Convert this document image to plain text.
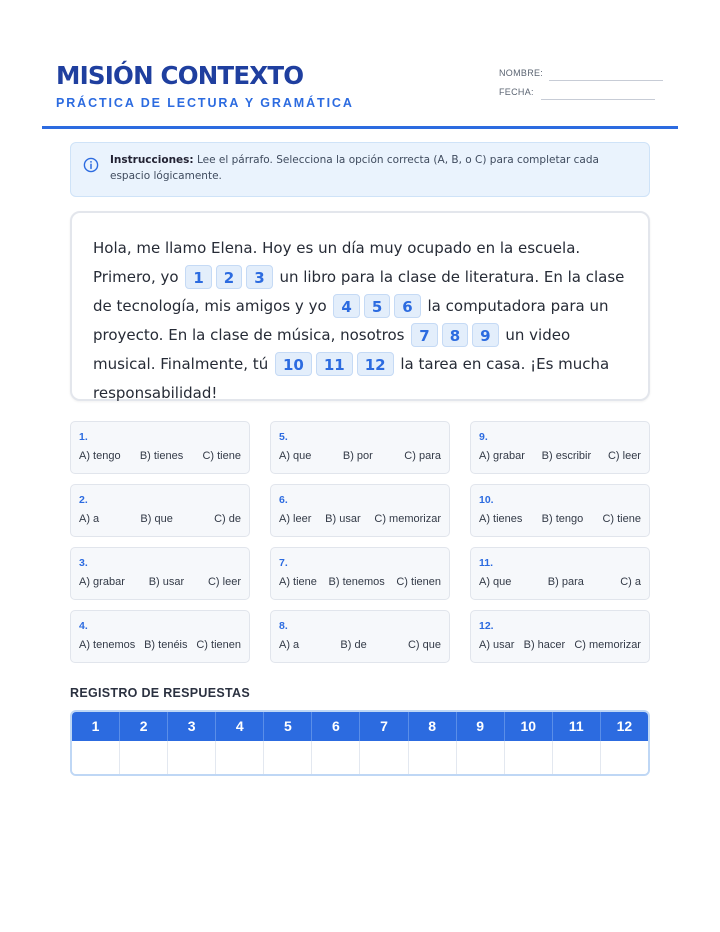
MISIÓN CONTEXTO
PRÁCTICA DE LECTURA Y GRAMÁTICA
NOMBRE:
FECHA:
Instrucciones: Lee el párrafo. Selecciona la opción correcta (A, B, o C) para completar cada espacio lógicamente.
Hola, me llamo Elena. Hoy es un día muy ocupado en la escuela. Primero, yo 1 2 3 un libro para la clase de literatura. En la clase de tecnología, mis amigos y yo 4 5 6 la computadora para un proyecto. En la clase de música, nosotros 7 8 9 un video musical. Finalmente, tú 10 11 12 la tarea en casa. ¡Es mucha responsabilidad!
1.
A) tengo B) tienes C) tiene
2.
A) a	B) que	C) de
3.
A) grabar B) usar C) leer
4.
A) tenemos B) tenéis C) tienen
5.
A) que	B) por	C) para
6.
A) leer B) usar C) memorizar
7.
A) tiene B) tenemos C) tienen
8.
A) a	B) de	C) que
9.
A) grabar B) escribir C) leer
10.
A) tienes B) tengo C) tiene
11.
A) que	B) para	C) a
12.
A) usar B) hacer C) memorizar
REGISTRO DE RESPUESTAS
1	2	3	4	5	6	7	8	9	10	11	12
